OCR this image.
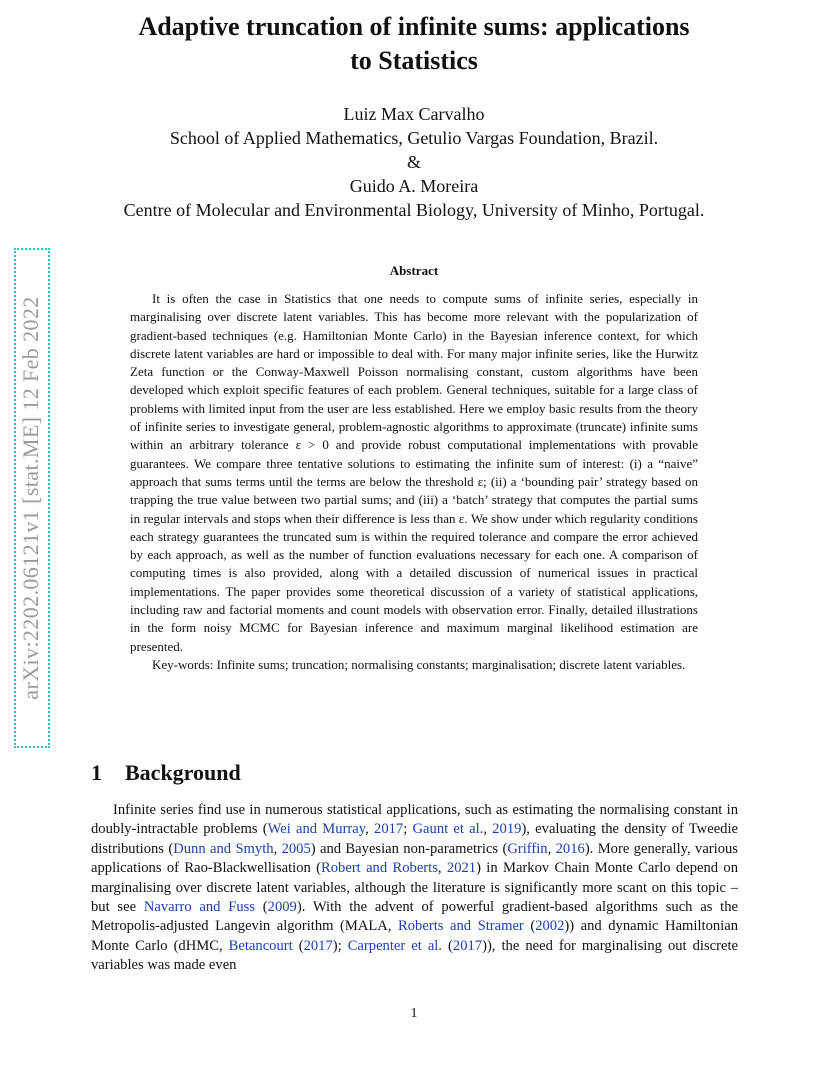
arXiv:2202.06121v1 [stat.ME] 12 Feb 2022
Adaptive truncation of infinite sums: applications
to Statistics
Luiz Max Carvalho
School of Applied Mathematics, Getulio Vargas Foundation, Brazil.
&
Guido A. Moreira
Centre of Molecular and Environmental Biology, University of Minho, Portugal.
Abstract

It is often the case in Statistics that one needs to compute sums of infinite series, especially in marginalising over discrete latent variables. This has become more relevant with the popularization of gradient-based techniques (e.g. Hamiltonian Monte Carlo) in the Bayesian inference context, for which discrete latent variables are hard or impossible to deal with. For many major infinite series, like the Hurwitz Zeta function or the Conway-Maxwell Poisson normalising constant, custom algorithms have been developed which exploit specific features of each problem. General techniques, suitable for a large class of problems with limited input from the user are less established. Here we employ basic results from the theory of infinite series to investigate general, problem-agnostic algorithms to approximate (truncate) infinite sums within an arbitrary tolerance ε > 0 and provide robust computational implementations with provable guarantees. We compare three tentative solutions to estimating the infinite sum of interest: (i) a “naive” approach that sums terms until the terms are below the threshold ε; (ii) a ‘bounding pair’ strategy based on trapping the true value between two partial sums; and (iii) a ‘batch’ strategy that computes the partial sums in regular intervals and stops when their difference is less than ε. We show under which regularity conditions each strategy guarantees the truncated sum is within the required tolerance and compare the error achieved by each approach, as well as the number of function evaluations necessary for each one. A comparison of computing times is also provided, along with a detailed discussion of numerical issues in practical implementations. The paper provides some theoretical discussion of a variety of statistical applications, including raw and factorial moments and count models with observation error. Finally, detailed illustrations in the form noisy MCMC for Bayesian inference and maximum marginal likelihood estimation are presented.

Key-words: Infinite sums; truncation; normalising constants; marginalisation; discrete latent variables.

1 Background

Infinite series find use in numerous statistical applications, such as estimating the normalising constant in doubly-intractable problems (Wei and Murray, 2017; Gaunt et al., 2019), evaluating the density of Tweedie distributions (Dunn and Smyth, 2005) and Bayesian non-parametrics (Griffin, 2016). More generally, various applications of Rao-Blackwellisation (Robert and Roberts, 2021) in Markov Chain Monte Carlo depend on marginalising over discrete latent variables, although the literature is significantly more scant on this topic – but see Navarro and Fuss (2009). With the advent of powerful gradient-based algorithms such as the Metropolis-adjusted Langevin algorithm (MALA, Roberts and Stramer (2002)) and dynamic Hamiltonian Monte Carlo (dHMC, Betancourt (2017); Carpenter et al. (2017)), the need for marginalising out discrete variables was made even

1
